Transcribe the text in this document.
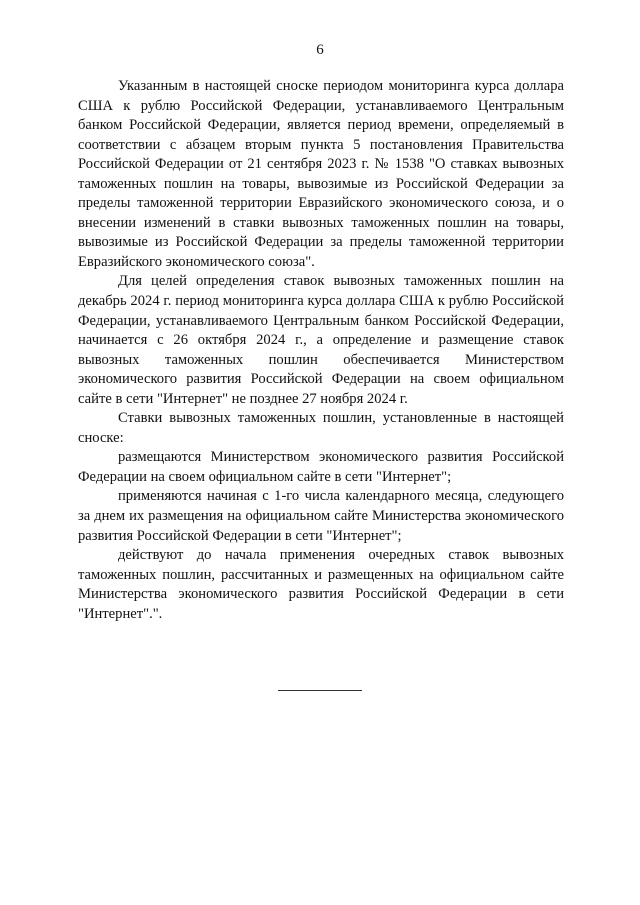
6

Указанным в настоящей сноске периодом мониторинга курса доллара США к рублю Российской Федерации, устанавливаемого Центральным банком Российской Федерации, является период времени, определяемый в соответствии с абзацем вторым пункта 5 постановления Правительства Российской Федерации от 21 сентября 2023 г. № 1538 "О ставках вывозных таможенных пошлин на товары, вывозимые из Российской Федерации за пределы таможенной территории Евразийского экономического союза, и о внесении изменений в ставки вывозных таможенных пошлин на товары, вывозимые из Российской Федерации за пределы таможенной территории Евразийского экономического союза".

Для целей определения ставок вывозных таможенных пошлин на декабрь 2024 г. период мониторинга курса доллара США к рублю Российской Федерации, устанавливаемого Центральным банком Российской Федерации, начинается с 26 октября 2024 г., а определение и размещение ставок вывозных таможенных пошлин обеспечивается Министерством экономического развития Российской Федерации на своем официальном сайте в сети "Интернет" не позднее 27 ноября 2024 г.

Ставки вывозных таможенных пошлин, установленные в настоящей сноске:

размещаются Министерством экономического развития Российской Федерации на своем официальном сайте в сети "Интернет";

применяются начиная с 1-го числа календарного месяца, следующего за днем их размещения на официальном сайте Министерства экономического развития Российской Федерации в сети "Интернет";

действуют до начала применения очередных ставок вывозных таможенных пошлин, рассчитанных и размещенных на официальном сайте Министерства экономического развития Российской Федерации в сети "Интернет".".
